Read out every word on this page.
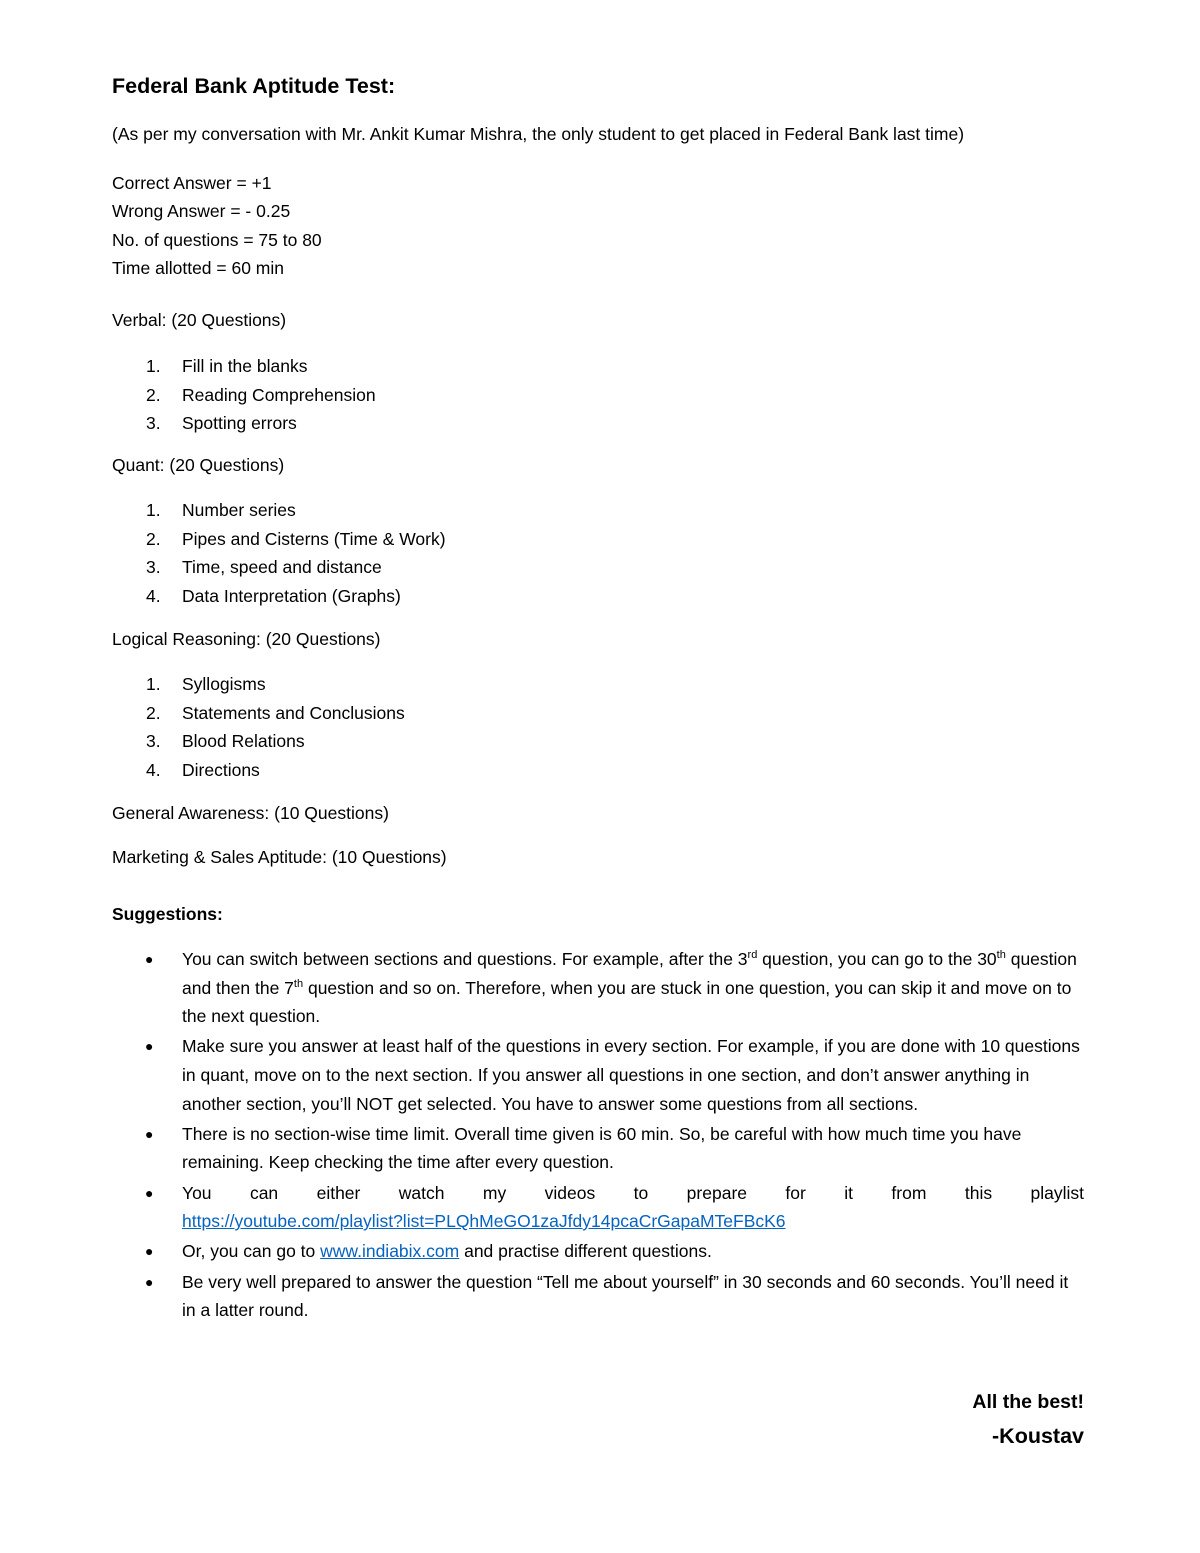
Federal Bank Aptitude Test:
(As per my conversation with Mr. Ankit Kumar Mishra, the only student to get placed in Federal Bank last time)
Correct Answer = +1
Wrong Answer = - 0.25
No. of questions = 75 to 80
Time allotted = 60 min
Verbal: (20 Questions)
1. Fill in the blanks
2. Reading Comprehension
3. Spotting errors
Quant: (20 Questions)
1. Number series
2. Pipes and Cisterns (Time & Work)
3. Time, speed and distance
4. Data Interpretation (Graphs)
Logical Reasoning: (20 Questions)
1. Syllogisms
2. Statements and Conclusions
3. Blood Relations
4. Directions
General Awareness: (10 Questions)
Marketing & Sales Aptitude: (10 Questions)
Suggestions:
● You can switch between sections and questions. For example, after the 3rd question, you can go to the 30th question and then the 7th question and so on. Therefore, when you are stuck in one question, you can skip it and move on to the next question.
● Make sure you answer at least half of the questions in every section. For example, if you are done with 10 questions in quant, move on to the next section. If you answer all questions in one section, and don’t answer anything in another section, you’ll NOT get selected. You have to answer some questions from all sections.
● There is no section-wise time limit. Overall time given is 60 min. So, be careful with how much time you have remaining. Keep checking the time after every question.
● You can either watch my videos to prepare for it from this playlist
https://youtube.com/playlist?list=PLQhMeGO1zaJfdy14pcaCrGapaMTeFBcK6
● Or, you can go to www.indiabix.com and practise different questions.
● Be very well prepared to answer the question “Tell me about yourself” in 30 seconds and 60 seconds. You’ll need it in a latter round.
All the best!
-Koustav
